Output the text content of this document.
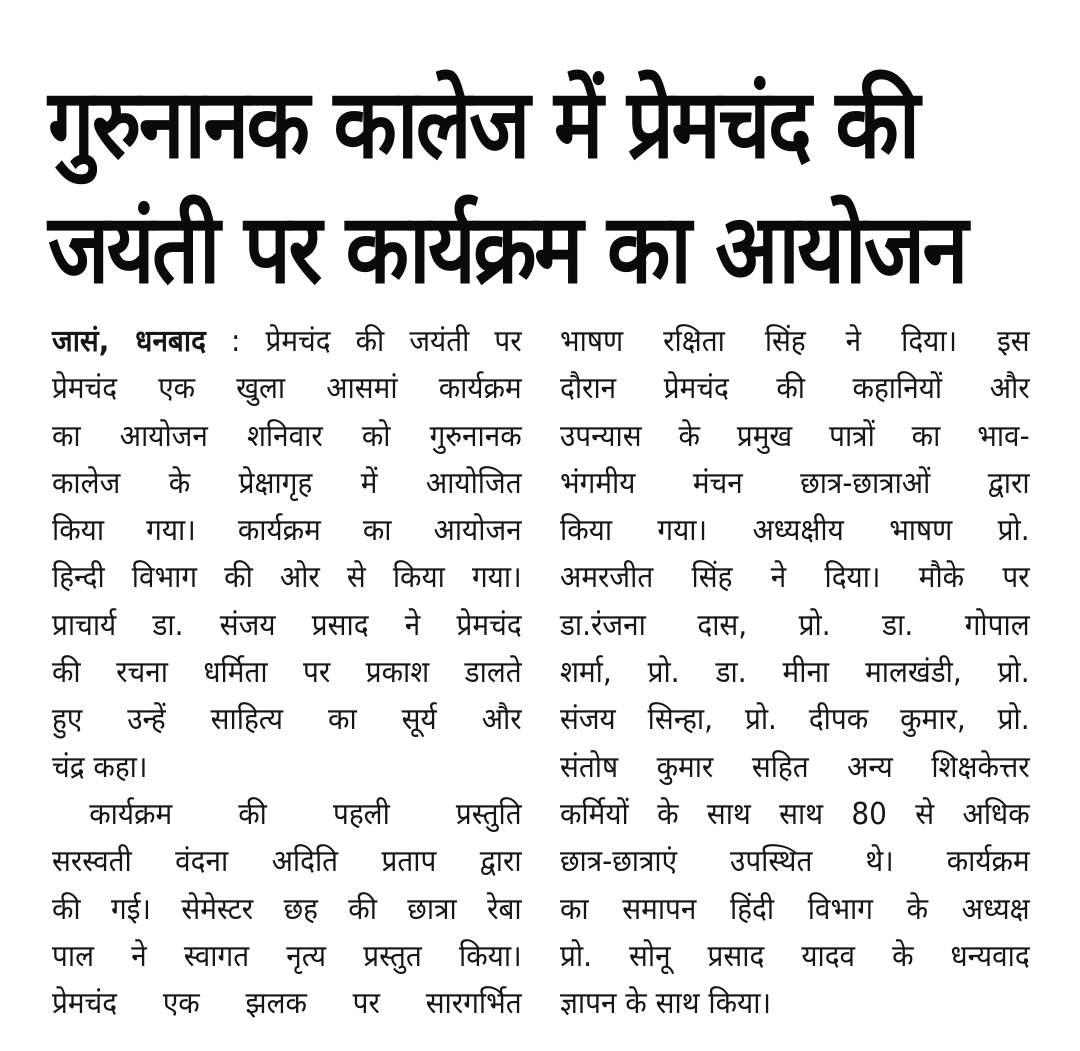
गुरुनानक कालेज में प्रेमचंद की
जयंती पर कार्यक्रम का आयोजन
जासं, धनबाद : प्रेमचंद की जयंती पर
प्रेमचंद एक खुला आसमां कार्यक्रम
का आयोजन शनिवार को गुरुनानक
कालेज के प्रेक्षागृह में आयोजित
किया गया। कार्यक्रम का आयोजन
हिन्दी विभाग की ओर से किया गया।
प्राचार्य डा. संजय प्रसाद ने प्रेमचंद
की रचना धर्मिता पर प्रकाश डालते
हुए उन्हें साहित्य का सूर्य और
चंद्र कहा।
कार्यक्रम की पहली प्रस्तुति
सरस्वती वंदना अदिति प्रताप द्वारा
की गई। सेमेस्टर छह की छात्रा रेबा
पाल ने स्वागत नृत्य प्रस्तुत किया।
प्रेमचंद एक झलक पर सारगर्भित
भाषण रक्षिता सिंह ने दिया। इस
दौरान प्रेमचंद की कहानियों और
उपन्यास के प्रमुख पात्रों का भाव-
भंगमीय मंचन छात्र-छात्राओं द्वारा
किया गया। अध्यक्षीय भाषण प्रो.
अमरजीत सिंह ने दिया। मौके पर
डा.रंजना दास, प्रो. डा. गोपाल
शर्मा, प्रो. डा. मीना मालखंडी, प्रो.
संजय सिन्हा, प्रो. दीपक कुमार, प्रो.
संतोष कुमार सहित अन्य शिक्षकेत्तर
कर्मियों के साथ साथ 80 से अधिक
छात्र-छात्राएं उपस्थित थे। कार्यक्रम
का समापन हिंदी विभाग के अध्यक्ष
प्रो. सोनू प्रसाद यादव के धन्यवाद
ज्ञापन के साथ किया।
